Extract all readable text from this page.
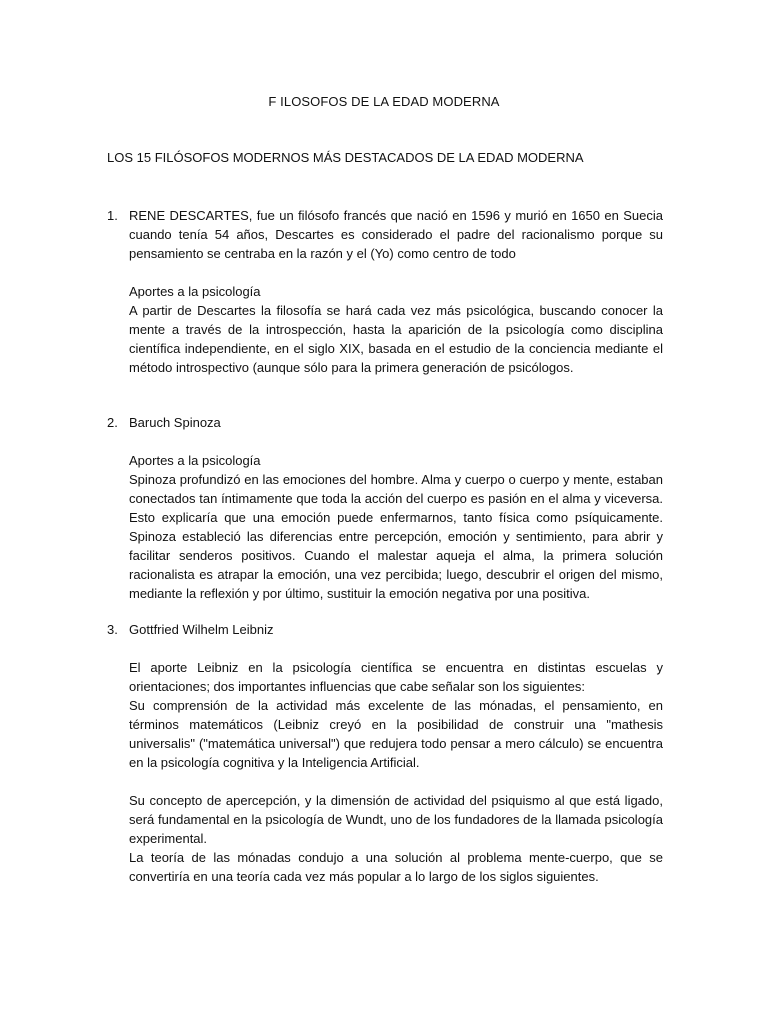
F ILOSOFOS DE LA EDAD MODERNA
LOS 15 FILÓSOFOS MODERNOS MÁS DESTACADOS DE LA EDAD MODERNA
1. RENE DESCARTES, fue un filósofo francés que nació en 1596 y murió en 1650 en Suecia cuando tenía 54 años, Descartes es considerado el padre del racionalismo porque su pensamiento se centraba en la razón y el (Yo) como centro de todo

Aportes a la psicología

A partir de Descartes la filosofía se hará cada vez más psicológica, buscando conocer la mente a través de la introspección, hasta la aparición de la psicología como disciplina científica independiente, en el siglo XIX, basada en el estudio de la conciencia mediante el método introspectivo (aunque sólo para la primera generación de psicólogos.

2. Baruch Spinoza

Aportes a la psicología

Spinoza profundizó en las emociones del hombre. Alma y cuerpo o cuerpo y mente, estaban conectados tan íntimamente que toda la acción del cuerpo es pasión en el alma y viceversa. Esto explicaría que una emoción puede enfermarnos, tanto física como psíquicamente. Spinoza estableció las diferencias entre percepción, emoción y sentimiento, para abrir y facilitar senderos positivos. Cuando el malestar aqueja el alma, la primera solución racionalista es atrapar la emoción, una vez percibida; luego, descubrir el origen del mismo, mediante la reflexión y por último, sustituir la emoción negativa por una positiva.

3. Gottfried Wilhelm Leibniz

El aporte Leibniz en la psicología científica se encuentra en distintas escuelas y orientaciones; dos importantes influencias que cabe señalar son los siguientes:

Su comprensión de la actividad más excelente de las mónadas, el pensamiento, en términos matemáticos (Leibniz creyó en la posibilidad de construir una "mathesis universalis" ("matemática universal") que redujera todo pensar a mero cálculo) se encuentra en la psicología cognitiva y la Inteligencia Artificial.

Su concepto de apercepción, y la dimensión de actividad del psiquismo al que está ligado, será fundamental en la psicología de Wundt, uno de los fundadores de la llamada psicología experimental.

La teoría de las mónadas condujo a una solución al problema mente-cuerpo, que se convertiría en una teoría cada vez más popular a lo largo de los siglos siguientes.
